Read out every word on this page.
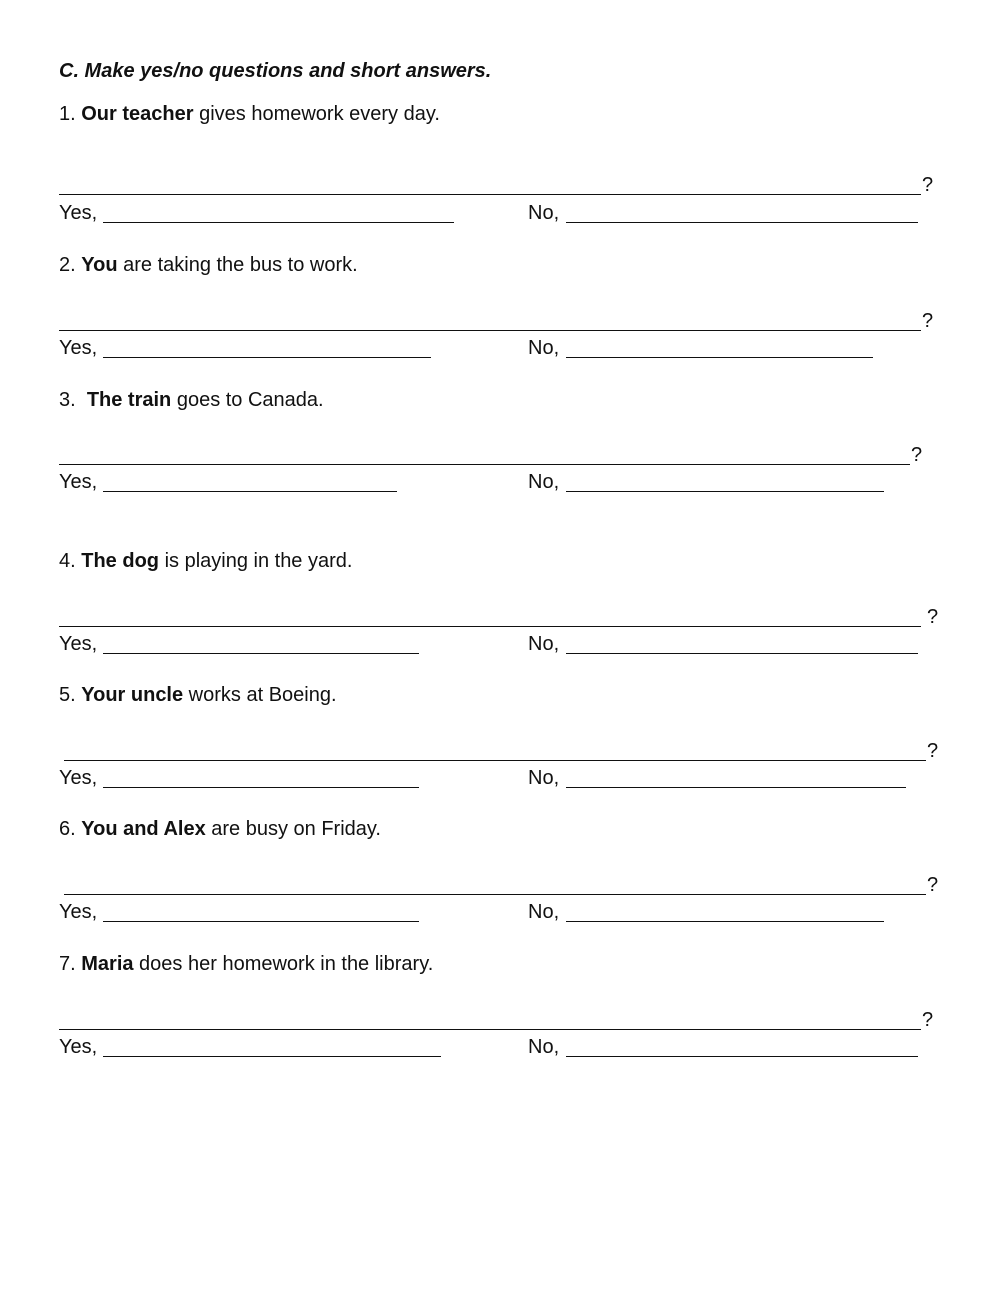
C. Make yes/no questions and short answers.
1. Our teacher gives homework every day.
?
Yes,	No,
2. You are taking the bus to work.
?
Yes,	No,
3. The train goes to Canada.
?
Yes,	No,
4. The dog is playing in the yard.
?
Yes,	No,
5. Your uncle works at Boeing.
?
Yes,	No,
6. You and Alex are busy on Friday.
?
Yes,	No,
7. Maria does her homework in the library.
?
Yes,	No,
